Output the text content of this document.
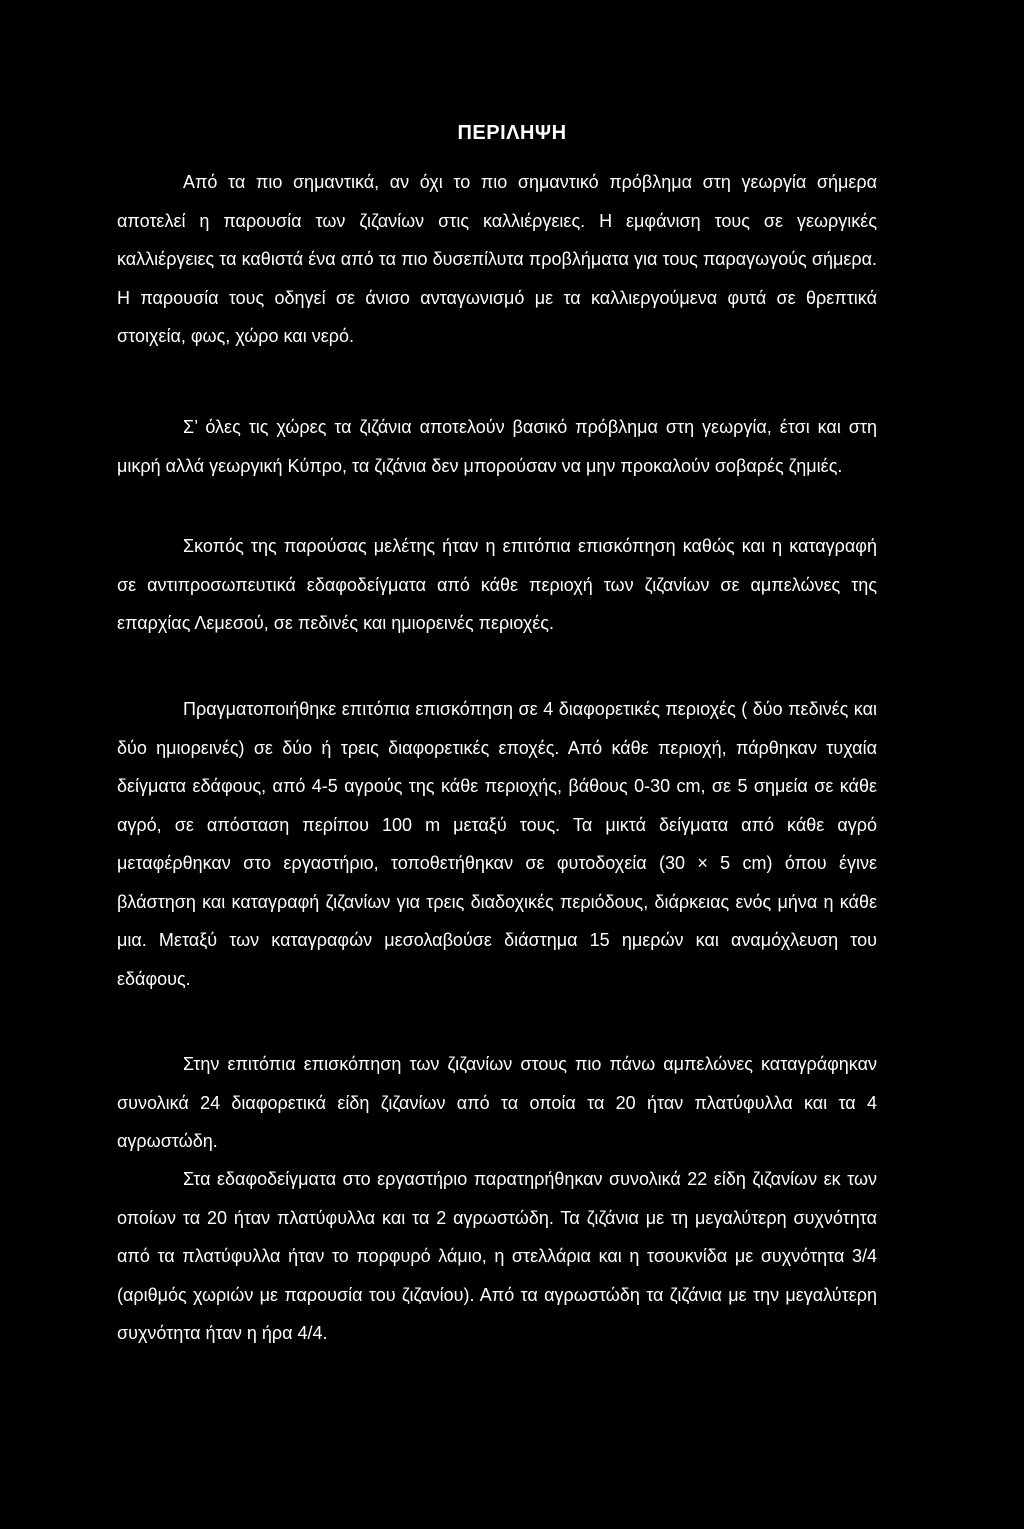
ΠΕΡΙΛΗΨΗ

Από τα πιο σημαντικά, αν όχι το πιο σημαντικό πρόβλημα στη γεωργία σήμερα αποτελεί η παρουσία των ζιζανίων στις καλλιέργειες. Η εμφάνιση τους σε γεωργικές καλλιέργειες τα καθιστά ένα από τα πιο δυσεπίλυτα προβλήματα για τους παραγωγούς σήμερα. Η παρουσία τους οδηγεί σε άνισο ανταγωνισμό με τα καλλιεργούμενα φυτά σε θρεπτικά στοιχεία, φως, χώρο και νερό.

Σ’ όλες τις χώρες τα ζιζάνια αποτελούν βασικό πρόβλημα στη γεωργία, έτσι και στη μικρή αλλά γεωργική Κύπρο, τα ζιζάνια δεν μπορούσαν να μην προκαλούν σοβαρές ζημιές.

Σκοπός της παρούσας μελέτης ήταν η επιτόπια επισκόπηση καθώς και η καταγραφή σε αντιπροσωπευτικά εδαφοδείγματα από κάθε περιοχή των ζιζανίων σε αμπελώνες της επαρχίας Λεμεσού, σε πεδινές και ημιορεινές περιοχές.

Πραγματοποιήθηκε επιτόπια επισκόπηση σε 4 διαφορετικές περιοχές ( δύο πεδινές και δύο ημιορεινές) σε δύο ή τρεις διαφορετικές εποχές. Από κάθε περιοχή, πάρθηκαν τυχαία δείγματα εδάφους, από 4-5 αγρούς της κάθε περιοχής, βάθους 0-30 cm, σε 5 σημεία σε κάθε αγρό, σε απόσταση περίπου 100 m μεταξύ τους. Τα μικτά δείγματα από κάθε αγρό μεταφέρθηκαν στο εργαστήριο, τοποθετήθηκαν σε φυτοδοχεία (30 × 5 cm) όπου έγινε βλάστηση και καταγραφή ζιζανίων για τρεις διαδοχικές περιόδους, διάρκειας ενός μήνα η κάθε μια. Μεταξύ των καταγραφών μεσολαβούσε διάστημα 15 ημερών και αναμόχλευση του εδάφους.

Στην επιτόπια επισκόπηση των ζιζανίων στους πιο πάνω αμπελώνες καταγράφηκαν συνολικά 24 διαφορετικά είδη ζιζανίων από τα οποία τα 20 ήταν πλατύφυλλα και τα 4 αγρωστώδη.

Στα εδαφοδείγματα στο εργαστήριο παρατηρήθηκαν συνολικά 22 είδη ζιζανίων εκ των οποίων τα 20 ήταν πλατύφυλλα και τα 2 αγρωστώδη. Τα ζιζάνια με τη μεγαλύτερη συχνότητα από τα πλατύφυλλα ήταν το πορφυρό λάμιο, η στελλάρια και η τσουκνίδα με συχνότητα 3/4 (αριθμός χωριών με παρουσία του ζιζανίου). Από τα αγρωστώδη τα ζιζάνια με την μεγαλύτερη συχνότητα ήταν η ήρα 4/4.
